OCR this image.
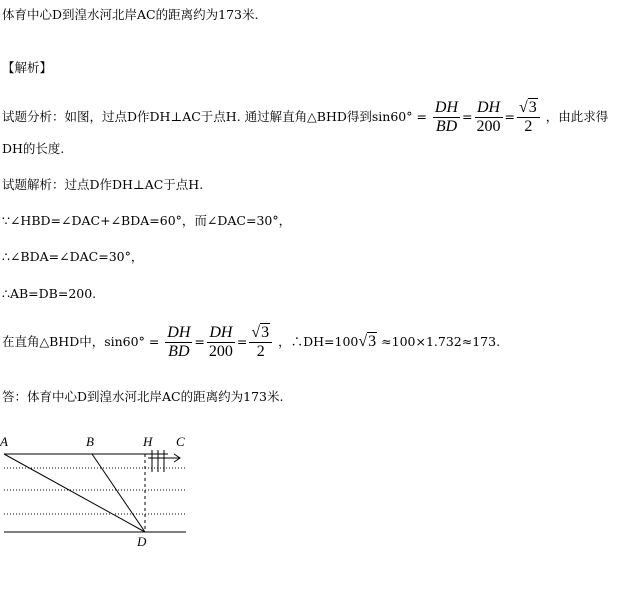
体育中心D到湟水河北岸AC的距离约为173米.
【解析】
试题分析：如图，过点D作DH⊥AC于点H. 通过解直角△BHD得到$\sin 60^\circ = \frac{DH}{BD} = \frac{DH}{200} = \frac{√3}{2}$ ，由此求得
DH的长度.
试题解析：过点D作DH⊥AC于点H.
∵∠HBD=∠DAC+∠BDA=60°，而∠DAC=30°，
∴∠BDA=∠DAC=30°，
∴AB=DB=200.
在直角△BHD中，$\sin 60^\circ = \frac{DH}{BD} = \frac{DH}{200} = \frac{√3}{2}$ ，∴DH=100√3 ≈100×1.732≈173.
答：体育中心D到湟水河北岸AC的距离约为173米.
A	B	H C
D
